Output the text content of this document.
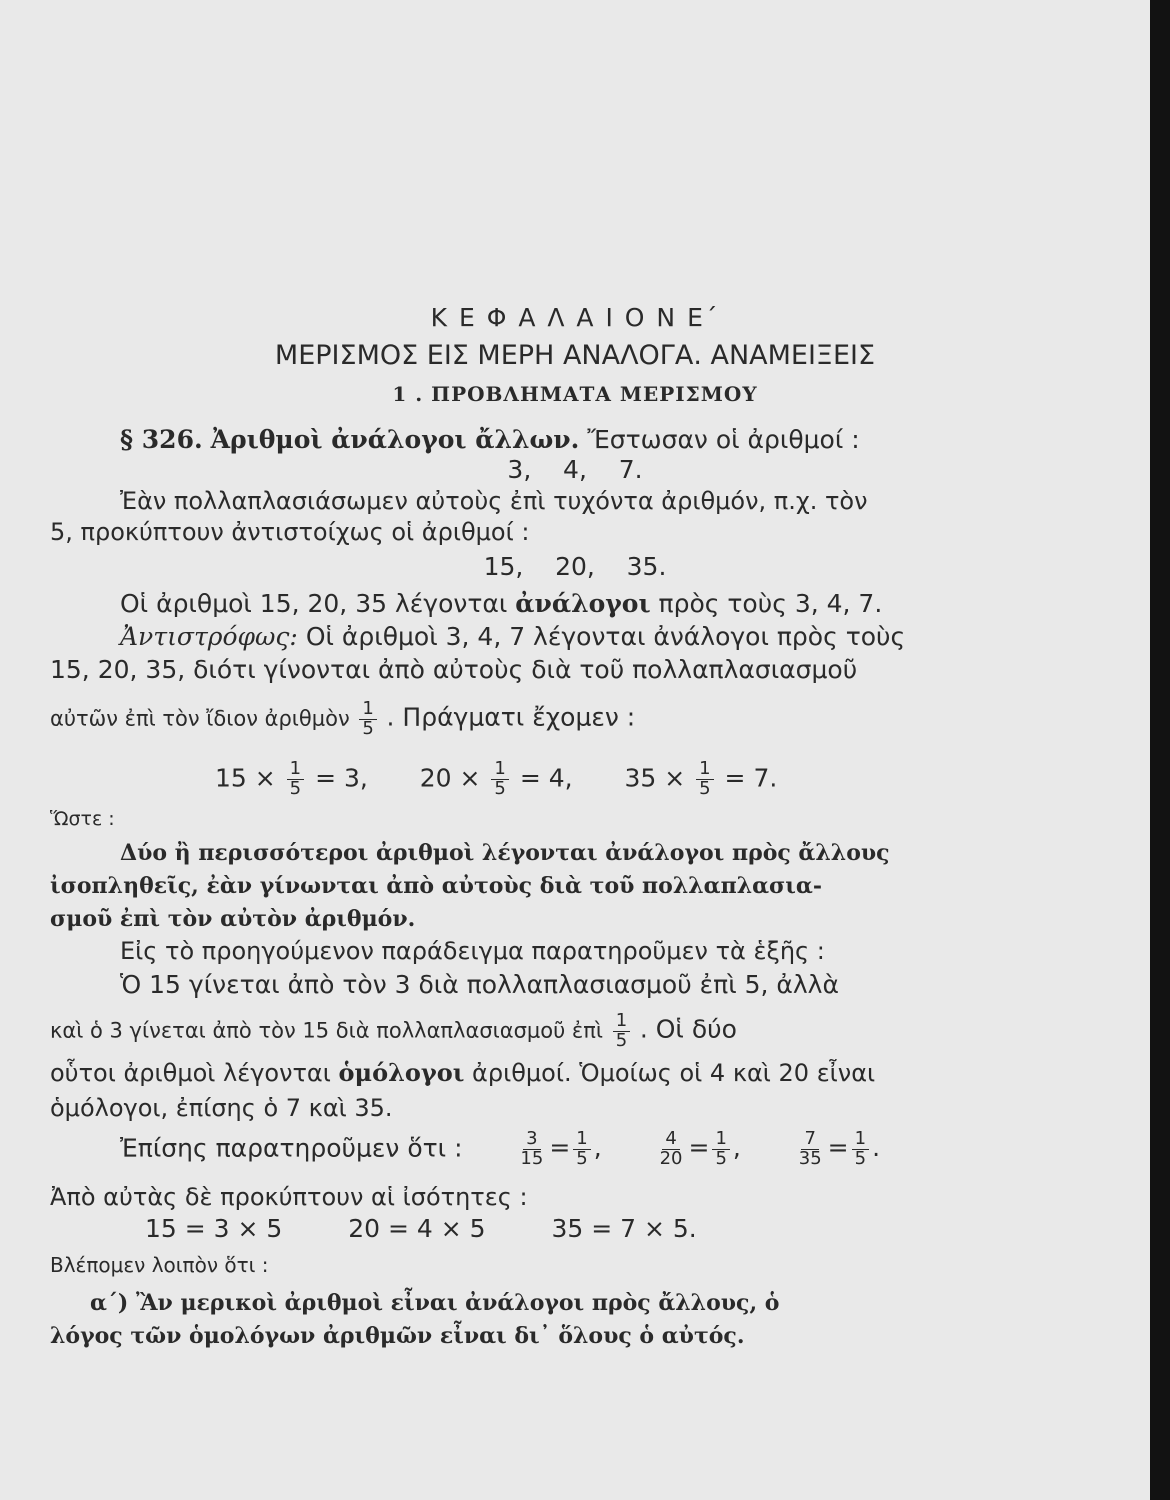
Κ Ε Φ Α Λ Α Ι Ο Ν Ε΄
ΜΕΡΙΣΜΟΣ ΕΙΣ ΜΕΡΗ ΑΝΑΛΟΓΑ. ΑΝΑΜΕΙΞΕΙΣ
1 . ΠΡΟΒΛΗΜΑΤΑ ΜΕΡΙΣΜΟΥ
§ 326. Ἀριθμοὶ ἀνάλογοι ἄλλων. Ἔστωσαν οἱ ἀριθμοί :
3,    4,    7.
Ἐὰν πολλαπλασιάσωμεν αὐτοὺς ἐπὶ τυχόντα ἀριθμόν, π.χ. τὸν
5, προκύπτουν ἀντιστοίχως οἱ ἀριθμοί :
15,    20,    35.
Οἱ ἀριθμοὶ 15, 20, 35 λέγονται ἀνάλογοι πρὸς τοὺς 3, 4, 7.
Ἀντιστρόφως: Οἱ ἀριθμοὶ 3, 4, 7 λέγονται ἀνάλογοι πρὸς τοὺς
15, 20, 35, διότι γίνονται ἀπὸ αὐτοὺς διὰ τοῦ πολλαπλασιασμοῦ
αὐτῶν ἐπὶ τὸν ἴδιον ἀριθμὸν $\frac{1}{5}$ . Πράγματι ἔχομεν :
$15 \times \frac{1}{5} = 3$, $20 \times \frac{1}{5} = 4$, $35 \times \frac{1}{5} = 7$.
Ὥστε :
Δύο ἢ περισσότεροι ἀριθμοὶ λέγονται ἀνάλογοι πρὸς ἄλλους
ἰσοπληθεῖς, ἐὰν γίνωνται ἀπὸ αὐτοὺς διὰ τοῦ πολλαπλασια-
σμοῦ ἐπὶ τὸν αὐτὸν ἀριθμόν.
Εἰς τὸ προηγούμενον παράδειγμα παρατηροῦμεν τὰ ἑξῆς :
Ὁ 15 γίνεται ἀπὸ τὸν 3 διὰ πολλαπλασιασμοῦ ἐπὶ 5, ἀλλὰ
καὶ ὁ 3 γίνεται ἀπὸ τὸν 15 διὰ πολλαπλασιασμοῦ ἐπὶ $\frac{1}{5}$ . Οἱ δύο
οὗτοι ἀριθμοὶ λέγονται ὁμόλογοι ἀριθμοί. Ὁμοίως οἱ 4 καὶ 20 εἶναι
ὁμόλογοι, ἐπίσης ὁ 7 καὶ 35.
Ἐπίσης παρατηροῦμεν ὅτι :	$\frac{3}{15} = \frac{1}{5}$ ,	$\frac{4}{20} = \frac{1}{5}$ ,	$\frac{7}{35} = \frac{1}{5}$ .
Ἀπὸ αὐτὰς δὲ προκύπτουν αἱ ἰσότητες :
15 = 3 × 5	20 = 4 × 5	35 = 7 × 5.
Βλέπομεν λοιπὸν ὅτι :
α΄) Ἂν μερικοὶ ἀριθμοὶ εἶναι ἀνάλογοι πρὸς ἄλλους, ὁ
λόγος τῶν ὁμολόγων ἀριθμῶν εἶναι δι᾽ ὅλους ὁ αὐτός.
